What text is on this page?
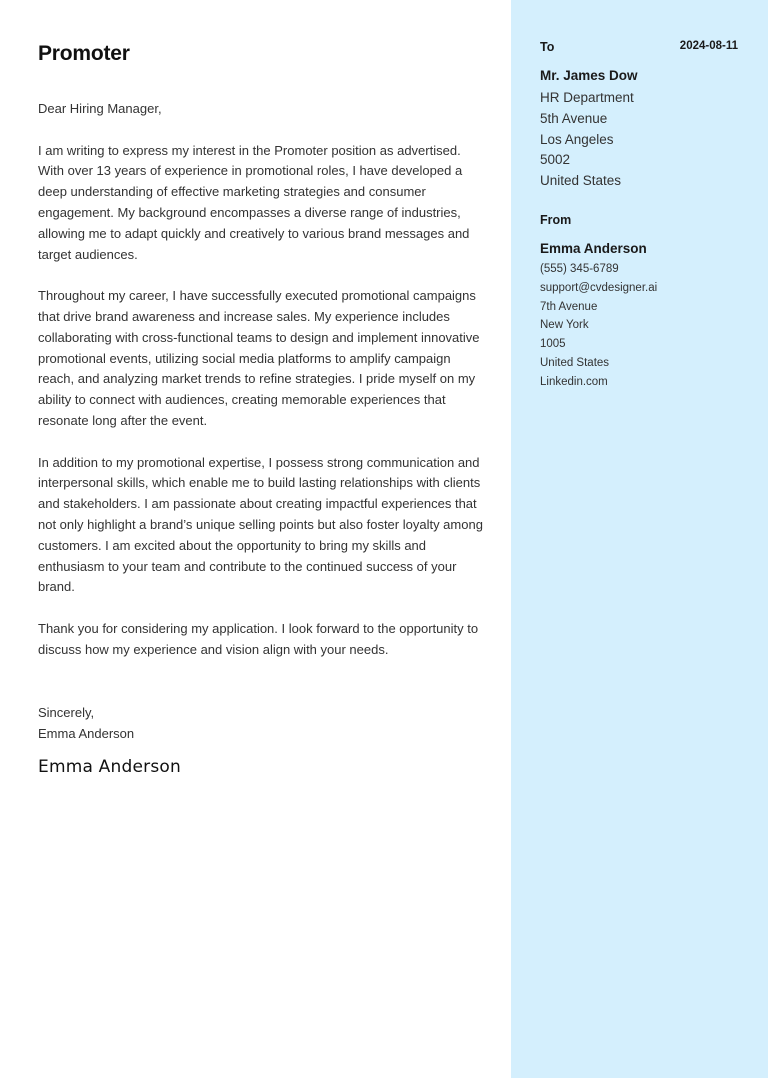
Promoter	2024-08-11

Dear Hiring Manager,

I am writing to express my interest in the Promoter position as advertised. With over 13 years of experience in promotional roles, I have developed a deep understanding of effective marketing strategies and consumer engagement. My background encompasses a diverse range of industries, allowing me to adapt quickly and creatively to various brand messages and target audiences.

Throughout my career, I have successfully executed promotional campaigns that drive brand awareness and increase sales. My experience includes collaborating with cross-functional teams to design and implement innovative promotional events, utilizing social media platforms to amplify campaign reach, and analyzing market trends to refine strategies. I pride myself on my ability to connect with audiences, creating memorable experiences that resonate long after the event.

In addition to my promotional expertise, I possess strong communication and interpersonal skills, which enable me to build lasting relationships with clients and stakeholders. I am passionate about creating impactful experiences that not only highlight a brand’s unique selling points but also foster loyalty among customers. I am excited about the opportunity to bring my skills and enthusiasm to your team and contribute to the continued success of your brand.

Thank you for considering my application. I look forward to the opportunity to discuss how my experience and vision align with your needs.

Sincerely,
Emma Anderson
Emma Anderson
To
Mr. James Dow
HR Department
5th Avenue
Los Angeles
5002
United States
From
Emma Anderson
(555) 345-6789
support@cvdesigner.ai
7th Avenue
New York
1005
United States
Linkedin.com
